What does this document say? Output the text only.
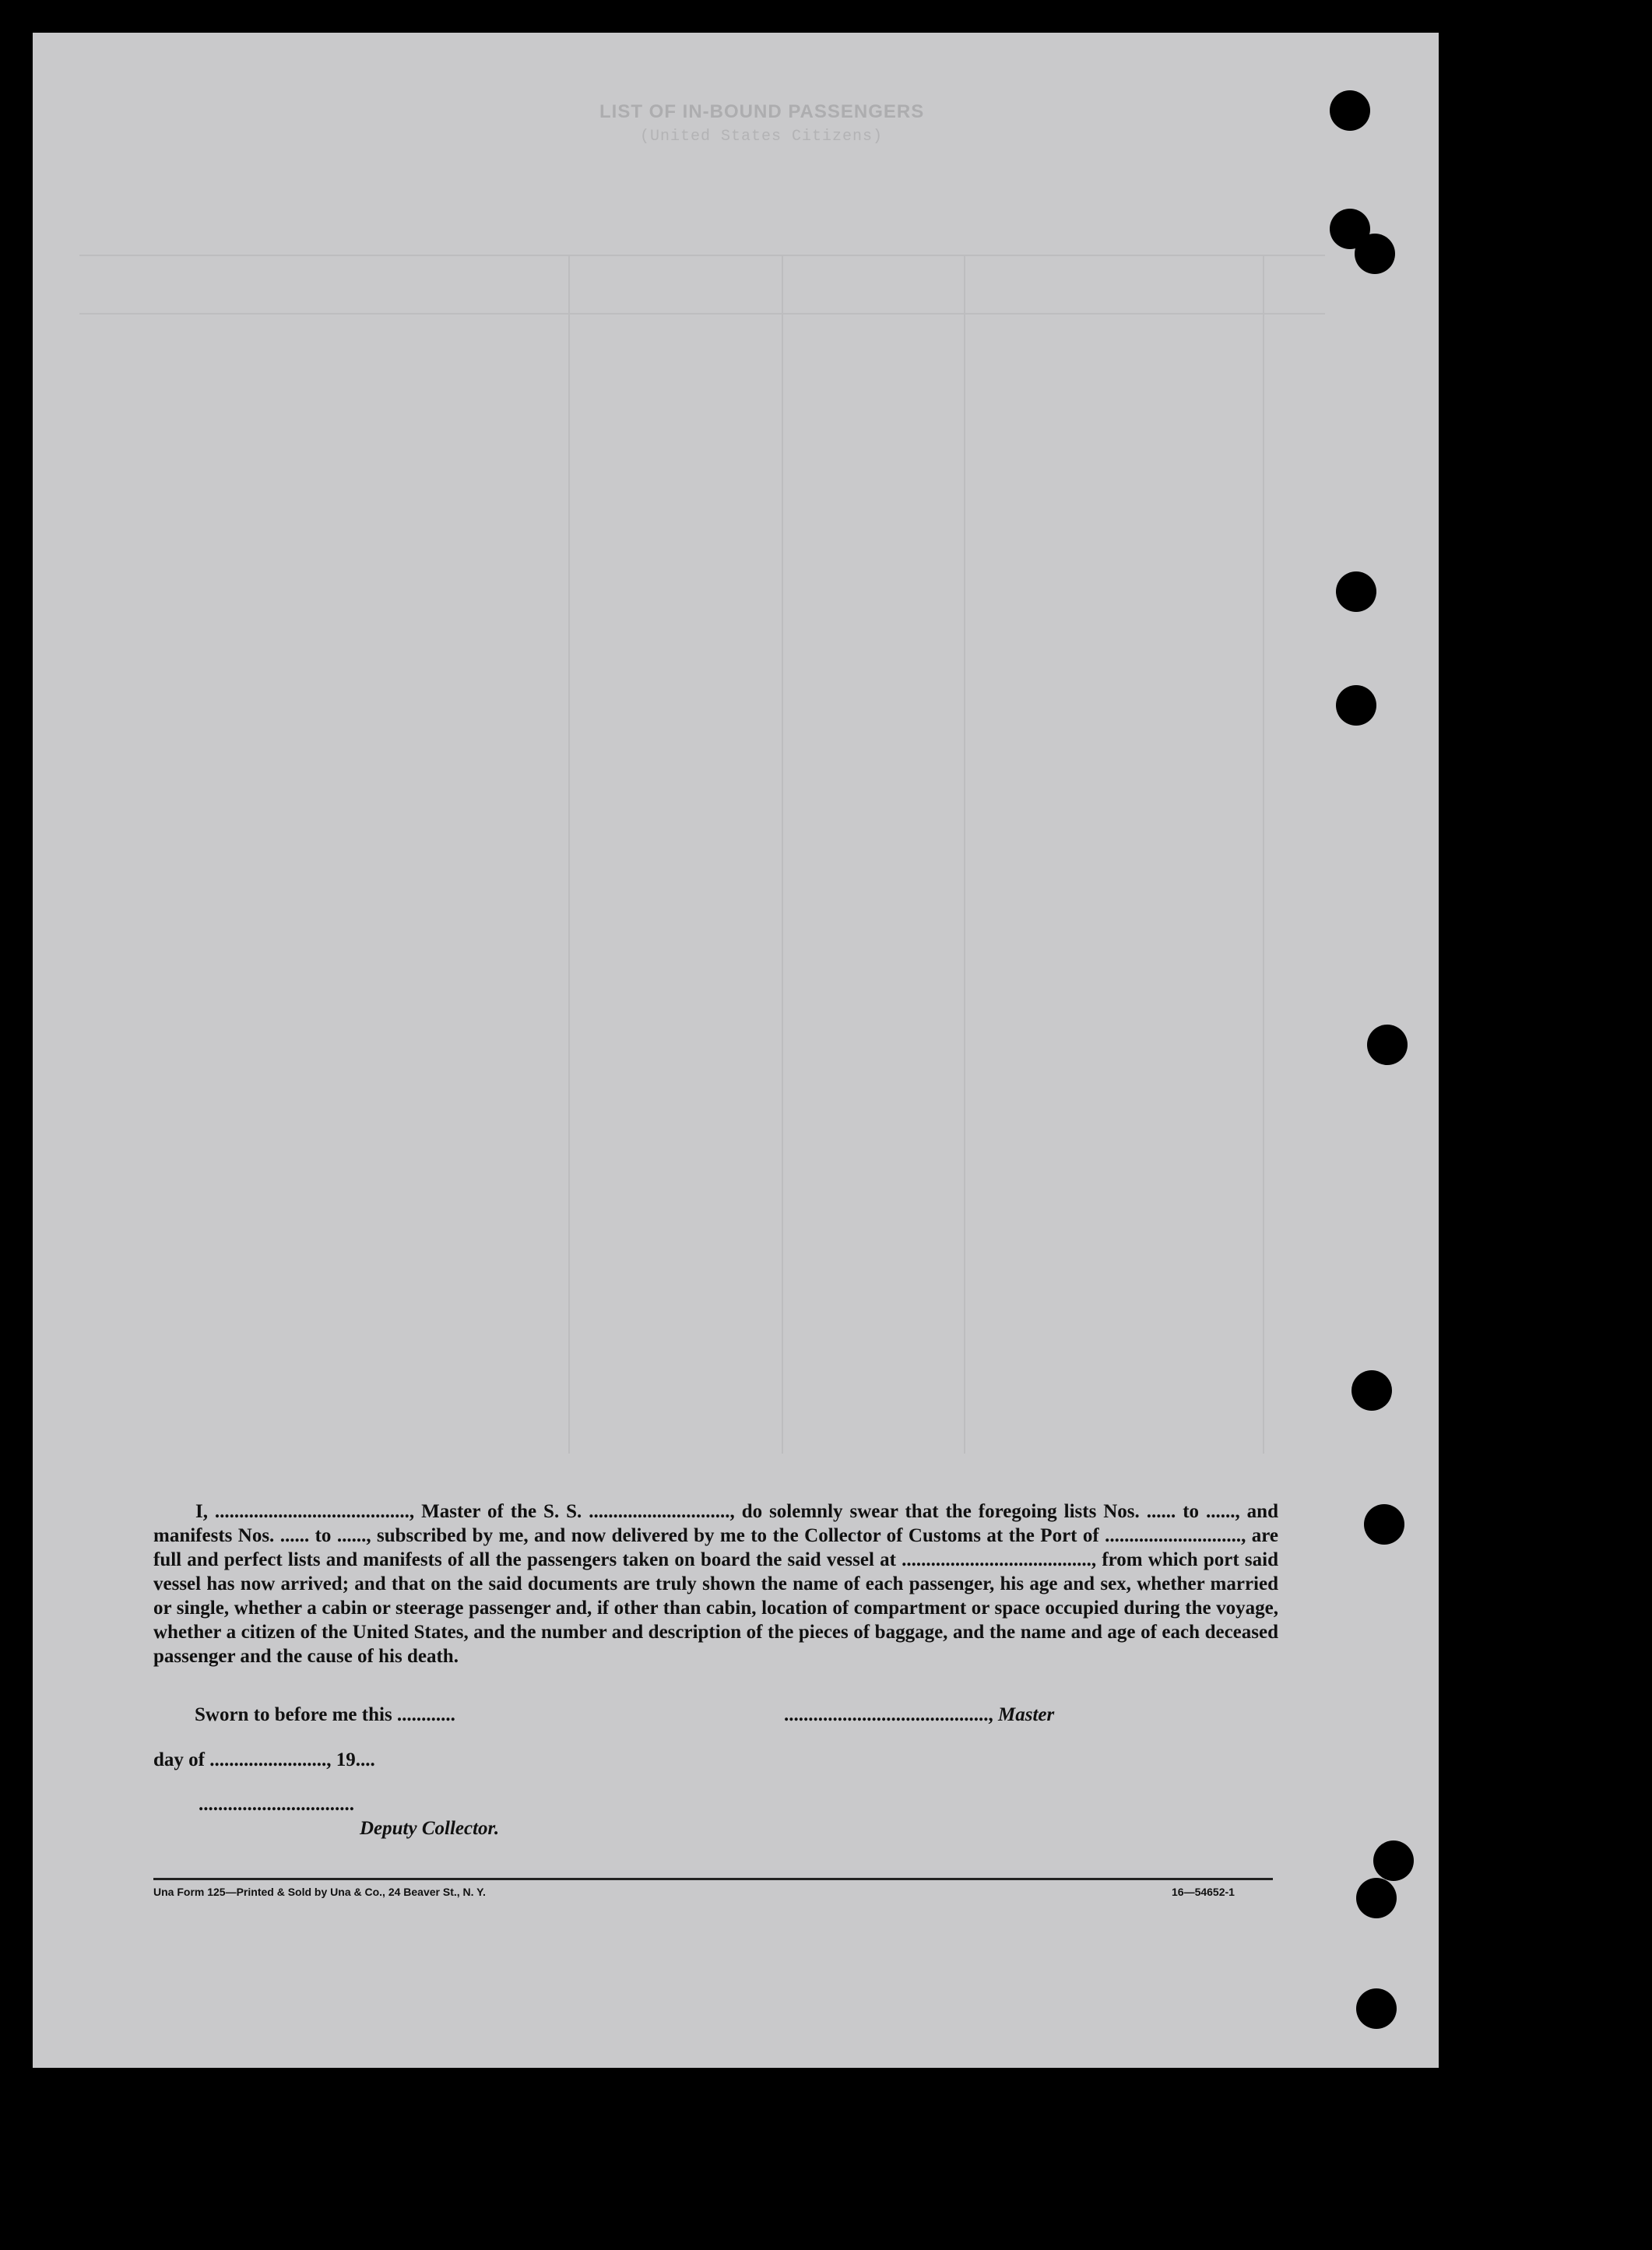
LIST OF IN-BOUND PASSENGERS
(United States Citizens)

I, ........................................, Master of the S. S. ............................., do solemnly swear that the foregoing lists Nos. ...... to ......, and manifests Nos. ...... to ......, subscribed by me, and now delivered by me to the Collector of Customs at the Port of ............................, are full and perfect lists and manifests of all the passengers taken on board the said vessel at ......................................., from which port said vessel has now arrived; and that on the said documents are truly shown the name of each passenger, his age and sex, whether married or single, whether a cabin or steerage passenger and, if other than cabin, location of compartment or space occupied during the voyage, whether a citizen of the United States, and the number and description of the pieces of baggage, and the name and age of each deceased passenger and the cause of his death.

Sworn to before me this ............	.........................................., Master
day of ........................, 19....
................................
Deputy Collector.
Una Form 125—Printed & Sold by Una & Co., 24 Beaver St., N. Y.	16—54652-1
